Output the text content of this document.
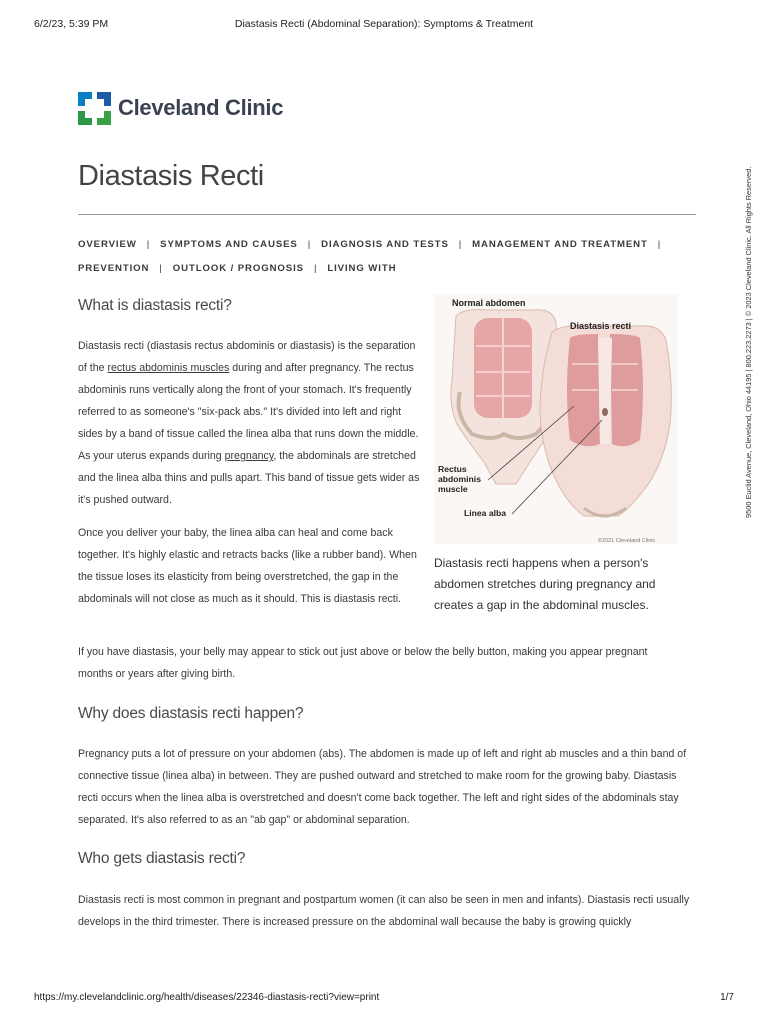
6/2/23, 5:39 PM	Diastasis Recti (Abdominal Separation): Symptoms & Treatment
9500 Euclid Avenue, Cleveland, Ohio 44195 | 800.223.2273 | © 2023 Cleveland Clinic. All Rights Reserved.
Cleveland Clinic
Diastasis Recti
OVERVIEW | SYMPTOMS AND CAUSES | DIAGNOSIS AND TESTS | MANAGEMENT AND TREATMENT |
PREVENTION | OUTLOOK / PROGNOSIS | LIVING WITH
What is diastasis recti?

Diastasis recti (diastasis rectus abdominis or diastasis) is the separation of the rectus abdominis muscles during and after pregnancy. The rectus abdominis runs vertically along the front of your stomach. It's frequently referred to as someone's "six-pack abs." It's divided into left and right sides by a band of tissue called the linea alba that runs down the middle. As your uterus expands during pregnancy, the abdominals are stretched and the linea alba thins and pulls apart. This band of tissue gets wider as it's pushed outward.

Once you deliver your baby, the linea alba can heal and come back together. It's highly elastic and retracts backs (like a rubber band). When the tissue loses its elasticity from being overstretched, the gap in the abdominals will not close as much as it should. This is diastasis recti.

If you have diastasis, your belly may appear to stick out just above or below the belly button, making you appear pregnant months or years after giving birth.

Why does diastasis recti happen?

Pregnancy puts a lot of pressure on your abdomen (abs). The abdomen is made up of left and right ab muscles and a thin band of connective tissue (linea alba) in between. They are pushed outward and stretched to make room for the growing baby. Diastasis recti occurs when the linea alba is overstretched and doesn't come back together. The left and right sides of the abdominals stay separated. It's also referred to as an "ab gap" or abdominal separation.

Who gets diastasis recti?

Diastasis recti is most common in pregnant and postpartum women (it can also be seen in men and infants). Diastasis recti usually develops in the third trimester. There is increased pressure on the abdominal wall because the baby is growing quickly

Normal abdomen
Diastasis recti
Rectus
abdominis
muscle
Linea alba
©2021 Cleveland Clinic

Diastasis recti happens when a person's abdomen stretches during pregnancy and creates a gap in the abdominal muscles.

https://my.clevelandclinic.org/health/diseases/22346-diastasis-recti?view=print	1/7
